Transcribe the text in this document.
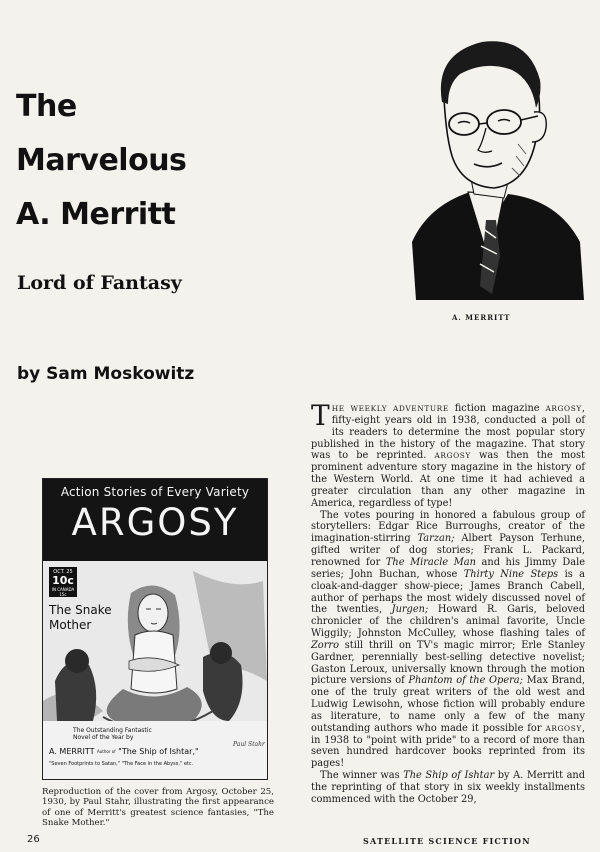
The
Marvelous
A. Merritt
Lord of Fantasy
by Sam Moskowitz
A. MERRITT
Action Stories of Every Variety
ARGOSY
OCT. 25
10c
IN CANADA 15c
The Snake
Mother
The Outstanding Fantastic
Novel of the Year by
A. MERRITT Author of "The Ship of Ishtar,"
"Seven Footprints to Satan," "The Face in the Abyss," etc.
Paul Stahr
Reproduction of the cover from Argosy, October 25, 1930, by Paul Stahr, illustrating the first appearance of one of Merritt's greatest science fantasies, "The Snake Mother."

THE WEEKLY ADVENTURE fiction magazine ARGOSY, fifty-eight years old in 1938, conducted a poll of its readers to determine the most popular story published in the history of the magazine. That story was to be reprinted. ARGOSY was then the most prominent adventure story magazine in the history of the Western World. At one time it had achieved a greater circulation than any other magazine in America, regardless of type!

The votes pouring in honored a fabulous group of storytellers: Edgar Rice Burroughs, creator of the imagination-stirring Tarzan; Albert Payson Terhune, gifted writer of dog stories; Frank L. Packard, renowned for The Miracle Man and his Jimmy Dale series; John Buchan, whose Thirty Nine Steps is a cloak-and-dagger show-piece; James Branch Cabell, author of perhaps the most widely discussed novel of the twenties, Jurgen; Howard R. Garis, beloved chronicler of the children's animal favorite, Uncle Wiggily; Johnston McCulley, whose flashing tales of Zorro still thrill on TV's magic mirror; Erle Stanley Gardner, perennially best-selling detective novelist; Gaston Leroux, universally known through the motion picture versions of Phantom of the Opera; Max Brand, one of the truly great writers of the old west and Ludwig Lewisohn, whose fiction will probably endure as literature, to name only a few of the many outstanding authors who made it possible for ARGOSY, in 1938 to "point with pride" to a record of more than seven hundred hardcover books reprinted from its pages!

The winner was The Ship of Ishtar by A. Merritt and the reprinting of that story in six weekly installments commenced with the October 29,

26	SATELLITE SCIENCE FICTION
